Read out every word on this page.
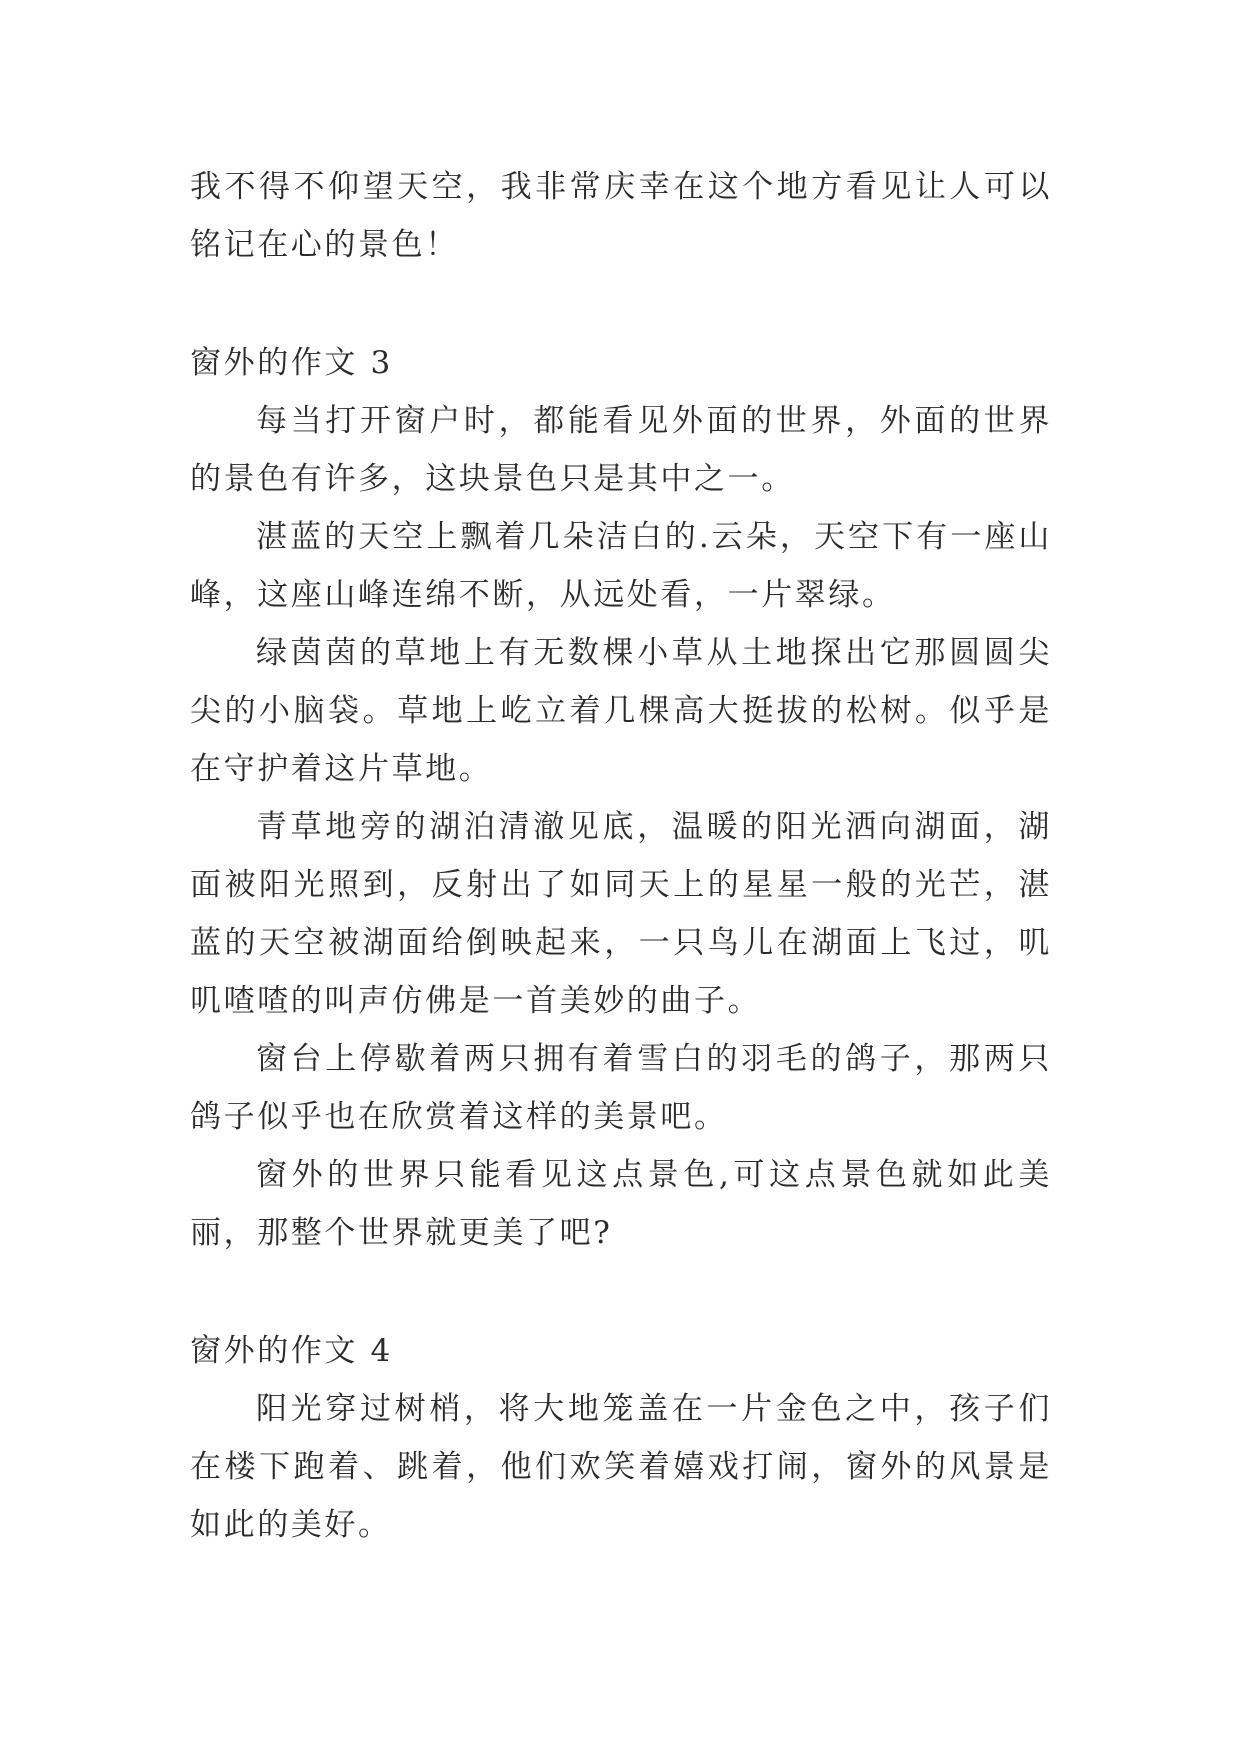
我不得不仰望天空，我非常庆幸在这个地方看见让人可以铭记在心的景色！

窗外的作文 3

每当打开窗户时，都能看见外面的世界，外面的世界的景色有许多，这块景色只是其中之一。

湛蓝的天空上飘着几朵洁白的.云朵，天空下有一座山峰，这座山峰连绵不断，从远处看，一片翠绿。

绿茵茵的草地上有无数棵小草从土地探出它那圆圆尖尖的小脑袋。草地上屹立着几棵高大挺拔的松树。似乎是在守护着这片草地。

青草地旁的湖泊清澈见底，温暖的阳光洒向湖面，湖面被阳光照到，反射出了如同天上的星星一般的光芒，湛蓝的天空被湖面给倒映起来，一只鸟儿在湖面上飞过，叽叽喳喳的叫声仿佛是一首美妙的曲子。

窗台上停歇着两只拥有着雪白的羽毛的鸽子，那两只鸽子似乎也在欣赏着这样的美景吧。

窗外的世界只能看见这点景色,可这点景色就如此美丽，那整个世界就更美了吧?

窗外的作文 4

阳光穿过树梢，将大地笼盖在一片金色之中，孩子们在楼下跑着、跳着，他们欢笑着嬉戏打闹，窗外的风景是如此的美好。
